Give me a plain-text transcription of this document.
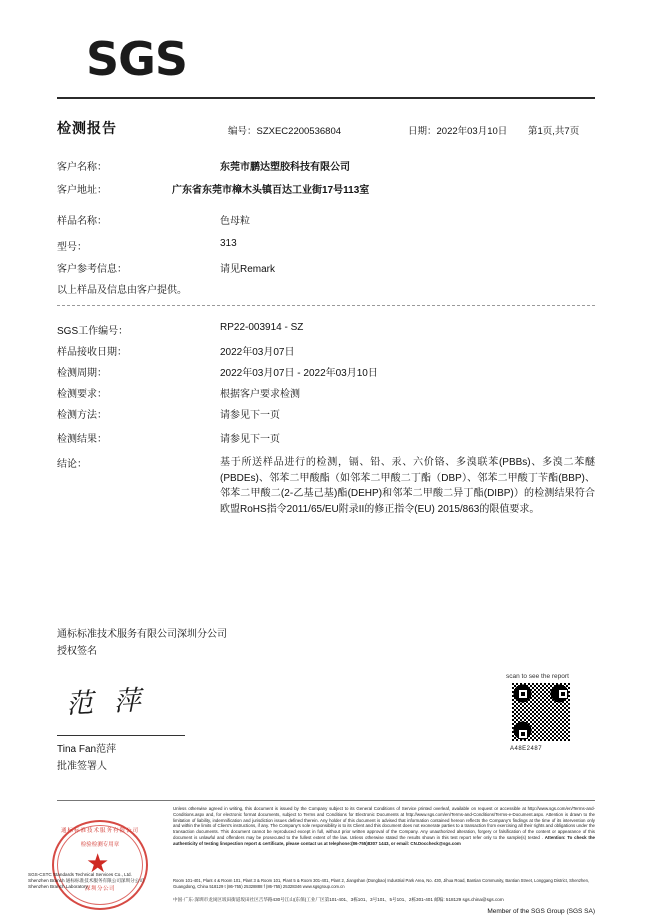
SGS
检测报告	编号：SZXEC2200536804	日期：2022年03月10日 第1页,共7页
客户名称：	东莞市鹏达塑胶科技有限公司
客户地址：	广东省东莞市樟木头镇百达工业街17号113室
样品名称：	色母粒
型号：	313
客户参考信息：	请见Remark
以上样品及信息由客户提供。
SGS工作编号：	RP22-003914 - SZ
样品接收日期：	2022年03月07日
检测周期：	2022年03月07日 - 2022年03月10日
检测要求：	根据客户要求检测
检测方法：	请参见下一页
检测结果：	请参见下一页
结论：	基于所送样品进行的检测，镉、铅、汞、六价铬、多溴联苯(PBBs)、多溴二苯醚(PBDEs)、邻苯二甲酸酯（如邻苯二甲酸二丁酯（DBP）、邻苯二甲酸丁苄酯(BBP)、邻苯二甲酸二(2-乙基己基)酯(DEHP)和邻苯二甲酸二异丁酯(DIBP)）的检测结果符合欧盟RoHS指令2011/65/EU附录II的修正指令(EU) 2015/863的限值要求。
通标标准技术服务有限公司深圳分公司
授权签名
范 萍
Tina Fan范萍
批准签署人
scan to see the report
A48E2487
Unless otherwise agreed in writing, this document is issued by the Company subject to its General Conditions of Service printed overleaf, available on request or accessible at http://www.sgs.com/en/Terms-and-Conditions.aspx and, for electronic format documents, subject to Terms and Conditions for Electronic Documents at http://www.sgs.com/en/Terms-and-Conditions/Terms-e-Document.aspx. Attention is drawn to the limitation of liability, indemnification and jurisdiction issues defined therein. Any holder of this document is advised that information contained hereon reflects the Company's findings at the time of its intervention only and within the limits of Client's instructions, if any. The Company's sole responsibility is to its Client and this document does not exonerate parties to a transaction from exercising all their rights and obligations under the transaction documents. This document cannot be reproduced except in full, without prior written approval of the Company. Any unauthorized alteration, forgery or falsification of the content or appearance of this document is unlawful and offenders may be prosecuted to the fullest extent of the law. Unless otherwise stated the results shown in this test report refer only to the sample(s) tested . Attention: To check the authenticity of testing /inspection report & certificate, please contact us at telephone:(86-755)8307 1443, or email: CN.Doccheck@sgs.com
Room 101-401, Plant 4 & Room 101, Plant 3 & Room 101, Plant 5 & Room 301-401, Plant 2, Jiangshan (Dongbao) Industrial Park Area, No. 430, Jihua Road, Bantian Community, Bantian Street, Longgang District, Shenzhen, Guangdong, China 518129 t (86-755) 25328888 f (86-755) 25328346 www.sgsgroup.com.cn
中国·广东·深圳市龙岗区坂田街道坂田社区吉华路430号江山(东保)工业厂区第101-401、3栋101、3号101、5号101、2栋301-401 邮编: 518129 sgs.china@sgs.com
Member of the SGS Group (SGS SA)
通标标准技术服务有限公司
检验检测专用章
★
深圳分公司
SGS-CSTC Standards Technical Services Co., Ltd.
Shenzhen Branch 通标标准技术服务有限公司深圳分公司
Shenzhen Branch Laboratory
